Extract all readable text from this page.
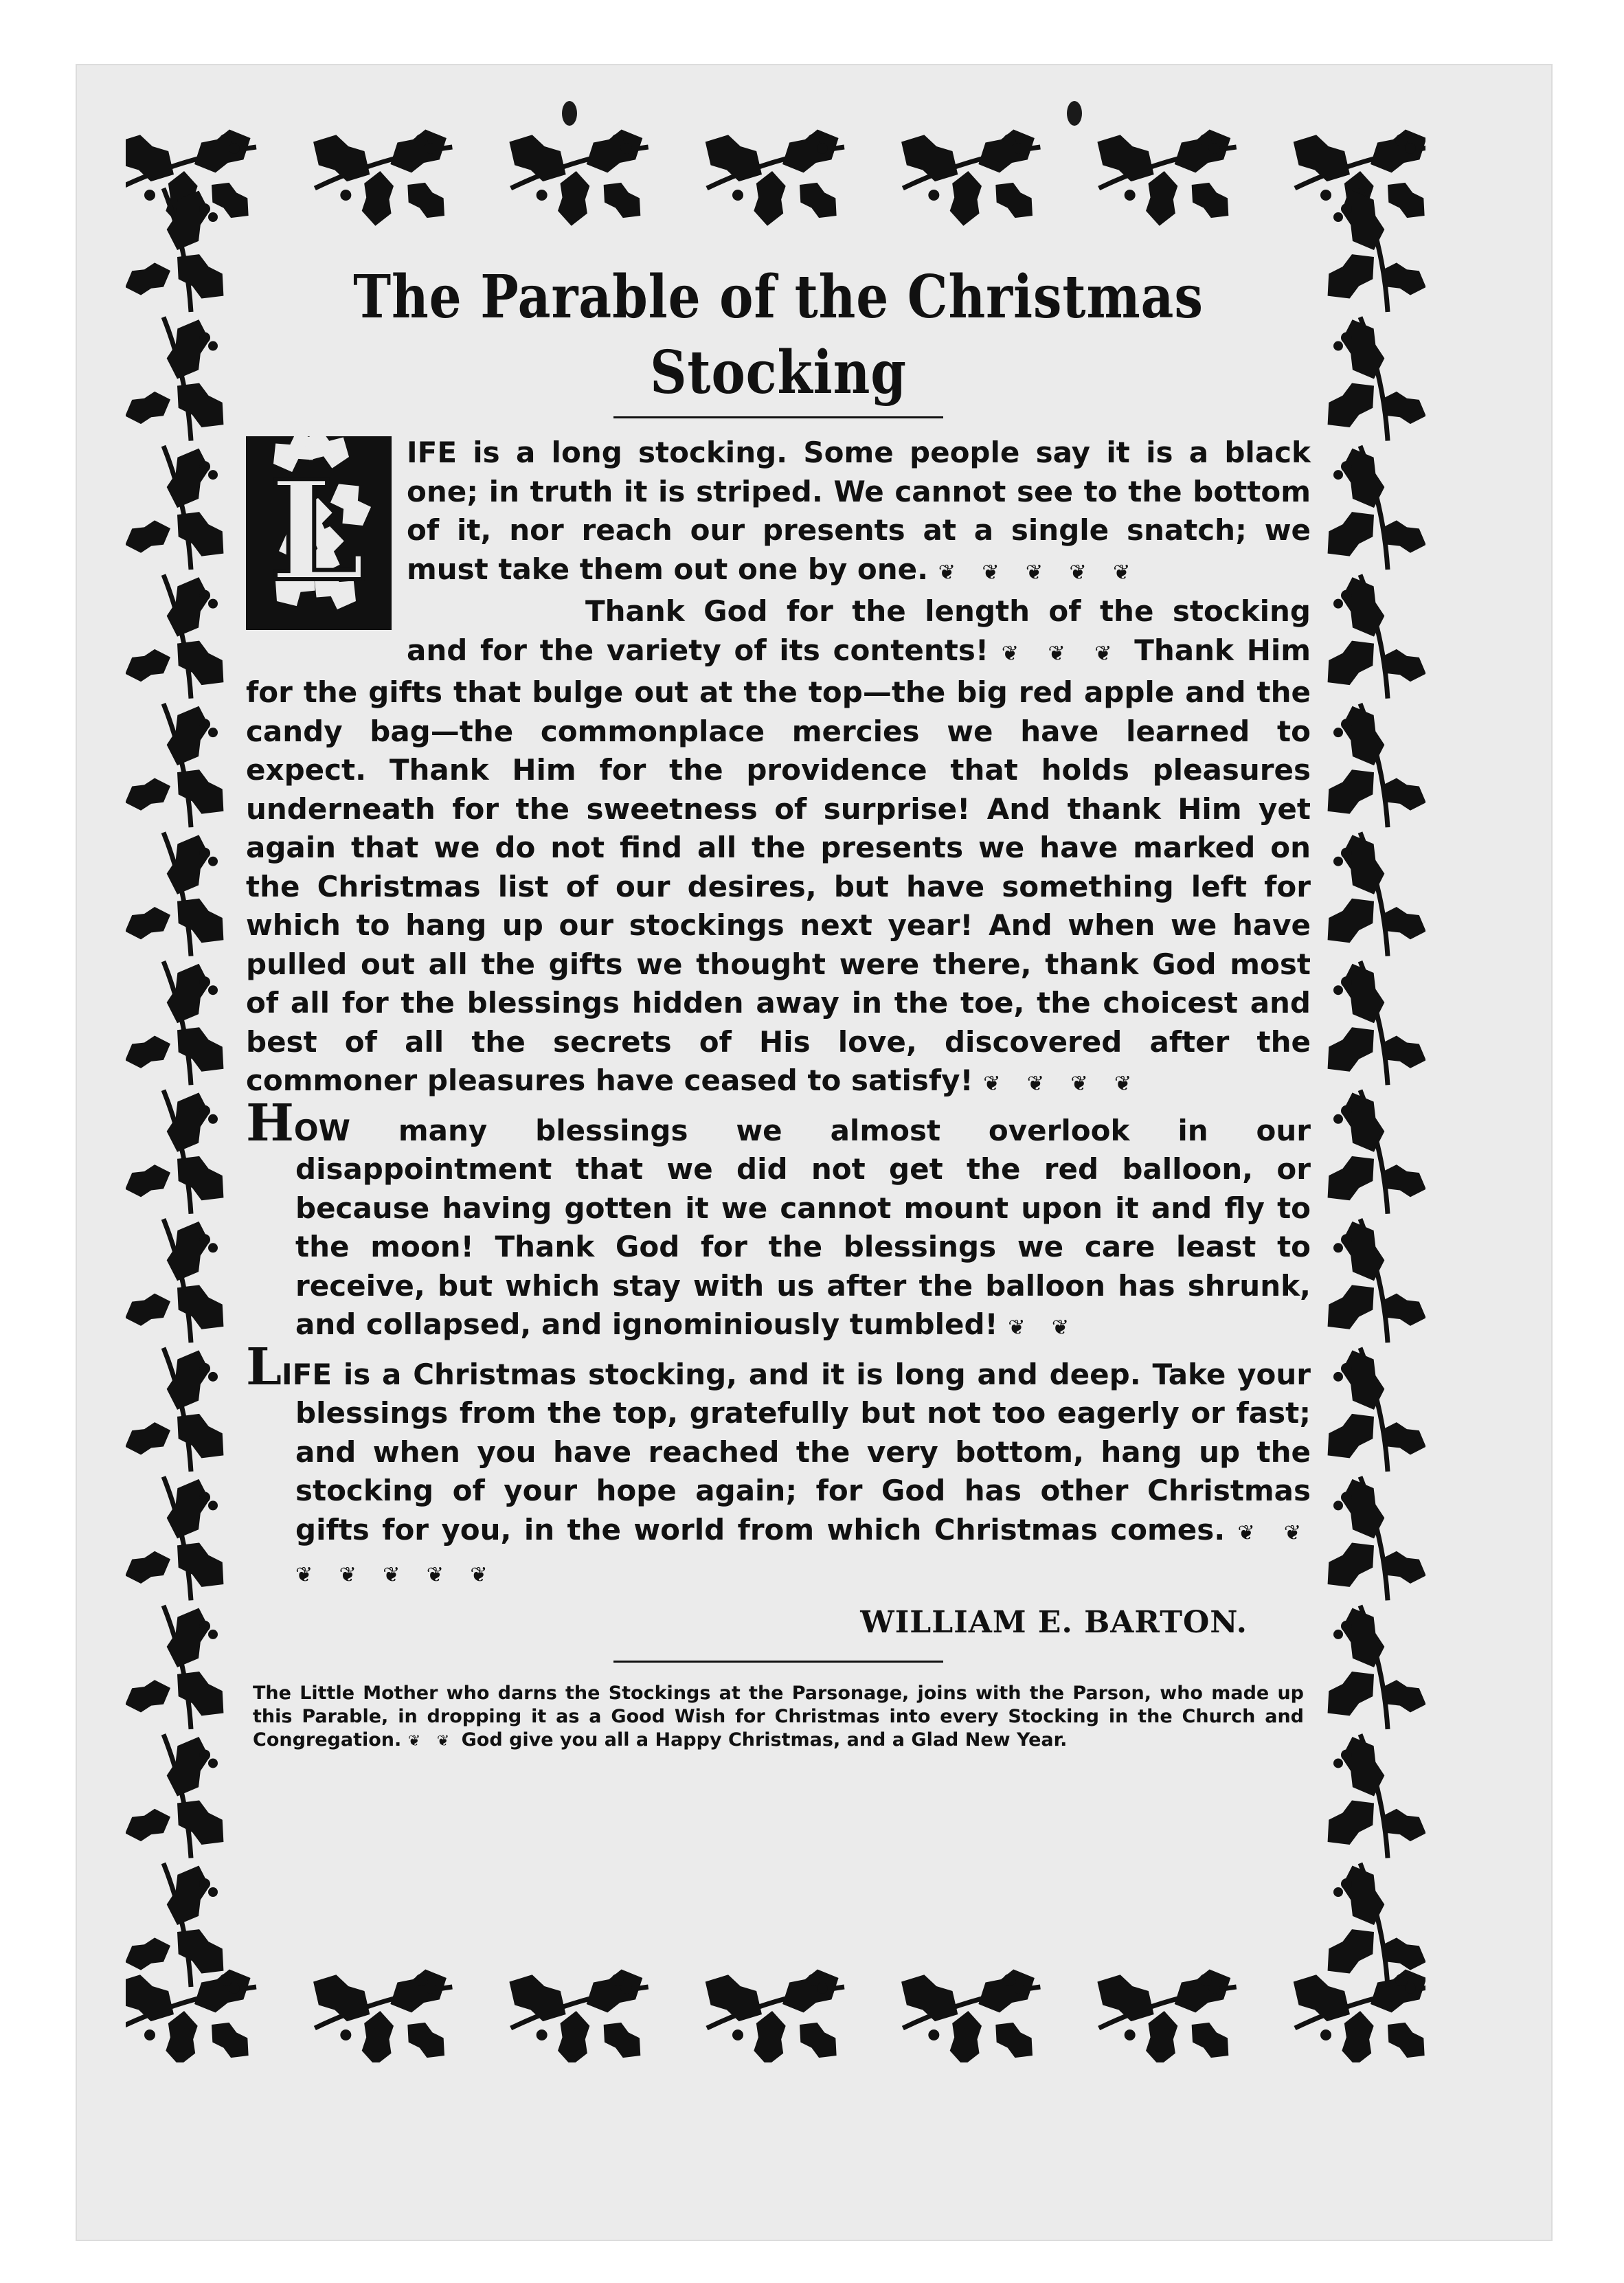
The Parable of the Christmas Stocking

L IFE is a long stocking. Some people say it is a black one; in truth it is striped. We cannot see to the bottom of it, nor reach our presents at a single snatch; we must take them out one by one. ❦ ❦ ❦ ❦ ❦

Thank God for the length of the stocking and for the variety of its contents! ❦ ❦ ❦ Thank Him for the gifts that bulge out at the top—the big red apple and the candy bag—the commonplace mercies we have learned to expect. Thank Him for the providence that holds pleasures underneath for the sweetness of surprise! And thank Him yet again that we do not find all the presents we have marked on the Christmas list of our desires, but have something left for which to hang up our stockings next year! And when we have pulled out all the gifts we thought were there, thank God most of all for the blessings hidden away in the toe, the choicest and best of all the secrets of His love, discovered after the commoner pleasures have ceased to satisfy! ❦ ❦ ❦ ❦

HOW many blessings we almost overlook in our disappointment that we did not get the red balloon, or because having gotten it we cannot mount upon it and fly to the moon! Thank God for the blessings we care least to receive, but which stay with us after the balloon has shrunk, and collapsed, and ignominiously tumbled! ❦ ❦

LIFE is a Christmas stocking, and it is long and deep. Take your blessings from the top, gratefully but not too eagerly or fast; and when you have reached the very bottom, hang up the stocking of your hope again; for God has other Christmas gifts for you, in the world from which Christmas comes. ❦ ❦ ❦ ❦ ❦ ❦ ❦

WILLIAM E. BARTON.

The Little Mother who darns the Stockings at the Parsonage, joins with the Parson, who made up this Parable, in dropping it as a Good Wish for Christmas into every Stocking in the Church and Congregation. ❦ ❦ God give you all a Happy Christmas, and a Glad New Year.
